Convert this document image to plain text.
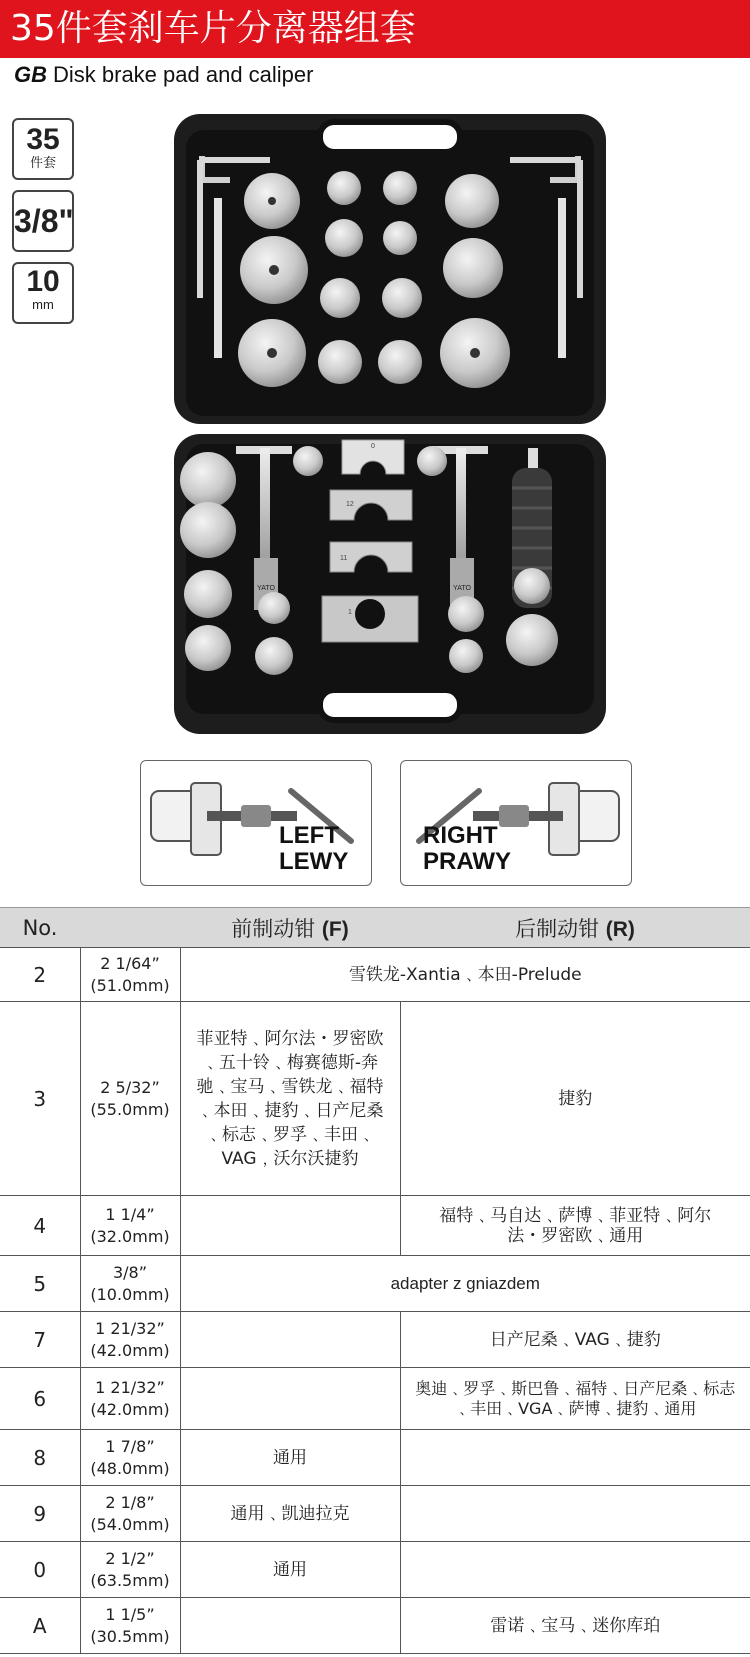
35件套刹车片分离器组套
GB Disk brake pad and caliper
35
件套
3/8"
10
mm
YATO	YATO
0
12
11
1
LEFT
LEWY
RIGHT
PRAWY
No.		前制动钳 (F)	后制动钳 (R)
2	2 1/64”
(51.0mm)	雪铁龙-Xantia﹑本田-Prelude	
3	2 5/32”
(55.0mm)	菲亚特﹑阿尔法・罗密欧﹑五十铃﹑梅赛德斯-奔驰﹑宝马﹑雪铁龙﹑福特﹑本田﹑捷豹﹑日产尼桑﹑标志﹑罗孚﹑丰田﹑VAG﹐沃尔沃捷豹	捷豹
4	1 1/4”
(32.0mm)		福特﹑马自达﹑萨博﹑菲亚特﹑阿尔法・罗密欧﹑通用
5	3/8”
(10.0mm)	adapter z gniazdem	
7	1 21/32”
(42.0mm)		日产尼桑﹑VAG﹑捷豹
6	1 21/32”
(42.0mm)		奥迪﹑罗孚﹑斯巴鲁﹑福特﹑日产尼桑﹑标志﹑丰田﹑VGA﹑萨博﹑捷豹﹑通用
8	1 7/8”
(48.0mm)	通用	
9	2 1/8”
(54.0mm)	通用﹑凯迪拉克	
0	2 1/2”
(63.5mm)	通用	
A	1 1/5”
(30.5mm)		雷诺﹑宝马﹑迷你库珀
